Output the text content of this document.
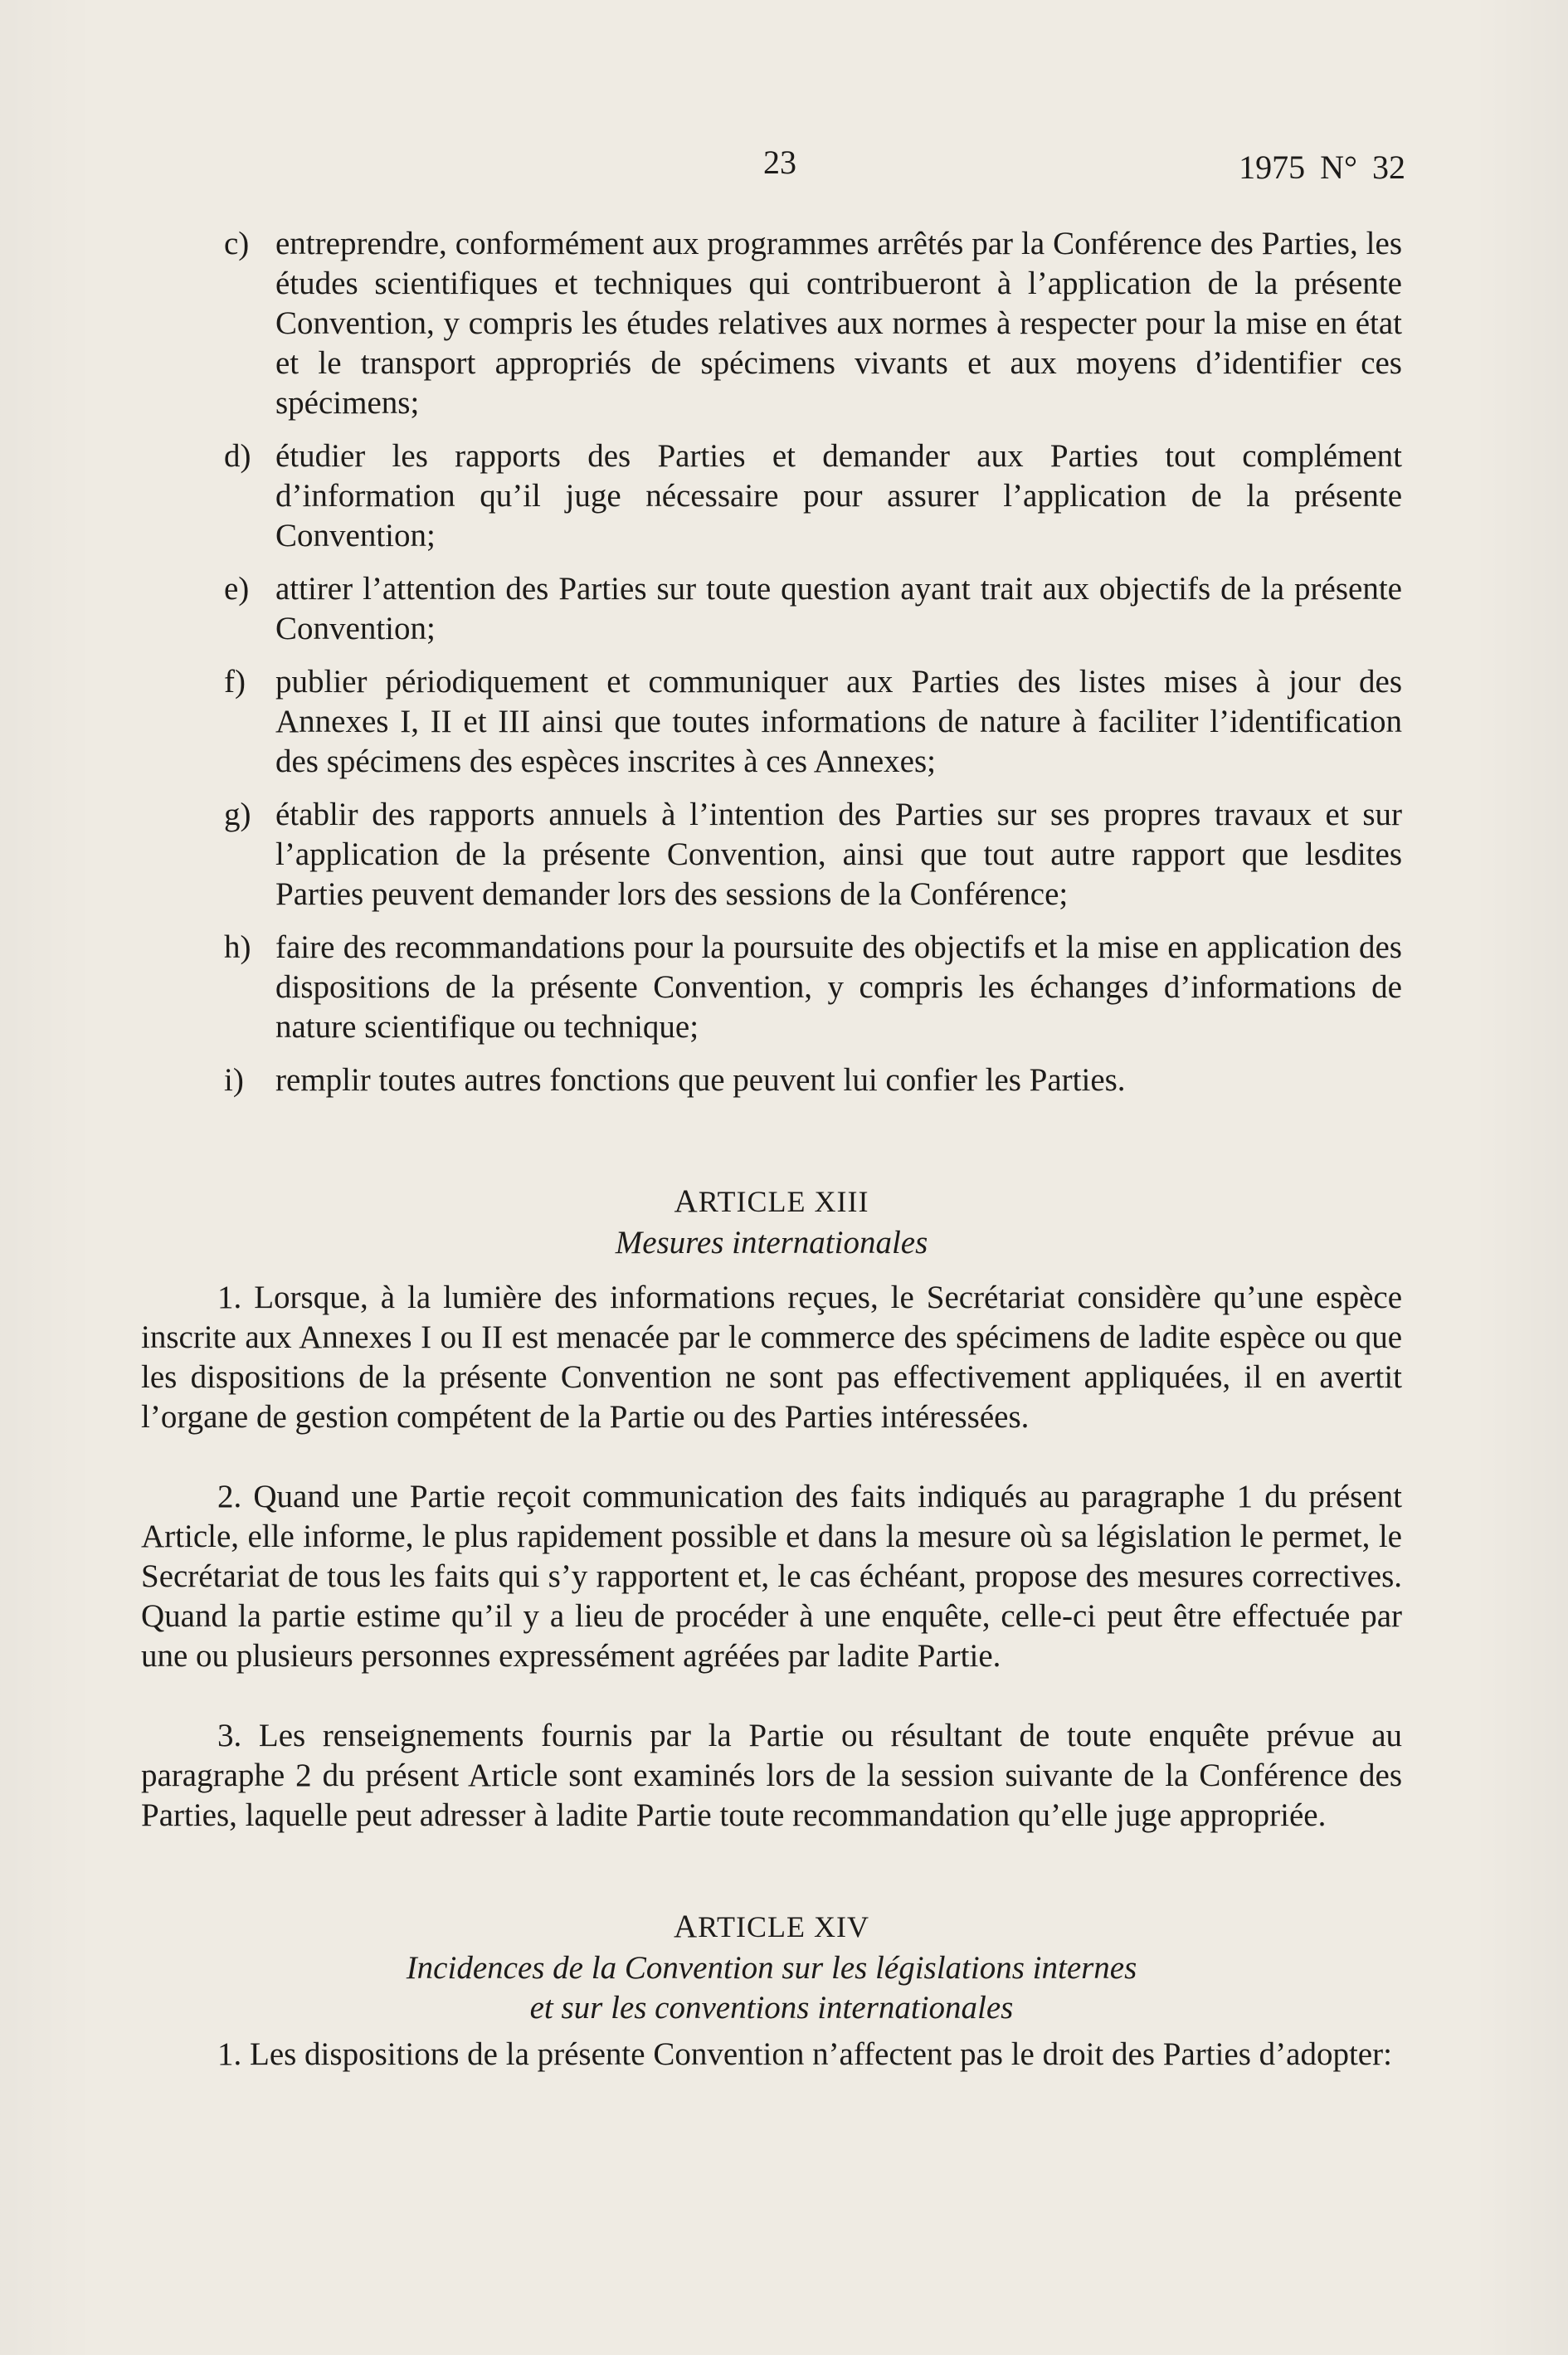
23	1975 N° 32
c) entreprendre, conformément aux programmes arrêtés par la Conférence des Parties, les études scientifiques et techniques qui contribueront à l’application de la présente Convention, y compris les études relatives aux normes à respecter pour la mise en état et le transport appropriés de spécimens vivants et aux moyens d’identifier ces spécimens;
d) étudier les rapports des Parties et demander aux Parties tout complément d’information qu’il juge nécessaire pour assurer l’application de la présente Convention;
e) attirer l’attention des Parties sur toute question ayant trait aux objectifs de la présente Convention;
f) publier périodiquement et communiquer aux Parties des listes mises à jour des Annexes I, II et III ainsi que toutes informations de nature à faciliter l’identification des spécimens des espèces inscrites à ces Annexes;
g) établir des rapports annuels à l’intention des Parties sur ses propres travaux et sur l’application de la présente Convention, ainsi que tout autre rapport que lesdites Parties peuvent demander lors des sessions de la Conférence;
h) faire des recommandations pour la poursuite des objectifs et la mise en application des dispositions de la présente Convention, y compris les échanges d’informations de nature scientifique ou technique;
i) remplir toutes autres fonctions que peuvent lui confier les Parties.
ARTICLE XIII
Mesures internationales

1. Lorsque, à la lumière des informations reçues, le Secrétariat considère qu’une espèce inscrite aux Annexes I ou II est menacée par le commerce des spécimens de ladite espèce ou que les dispositions de la présente Convention ne sont pas effectivement appliquées, il en avertit l’organe de gestion compétent de la Partie ou des Parties intéressées.

2. Quand une Partie reçoit communication des faits indiqués au paragraphe 1 du présent Article, elle informe, le plus rapidement possible et dans la mesure où sa législation le permet, le Secrétariat de tous les faits qui s’y rapportent et, le cas échéant, propose des mesures correctives. Quand la partie estime qu’il y a lieu de procéder à une enquête, celle-ci peut être effectuée par une ou plusieurs personnes expressément agréées par ladite Partie.

3. Les renseignements fournis par la Partie ou résultant de toute enquête prévue au paragraphe 2 du présent Article sont examinés lors de la session suivante de la Conférence des Parties, laquelle peut adresser à ladite Partie toute recommandation qu’elle juge appropriée.

ARTICLE XIV
Incidences de la Convention sur les législations internes
et sur les conventions internationales

1. Les dispositions de la présente Convention n’affectent pas le droit des Parties d’adopter:
